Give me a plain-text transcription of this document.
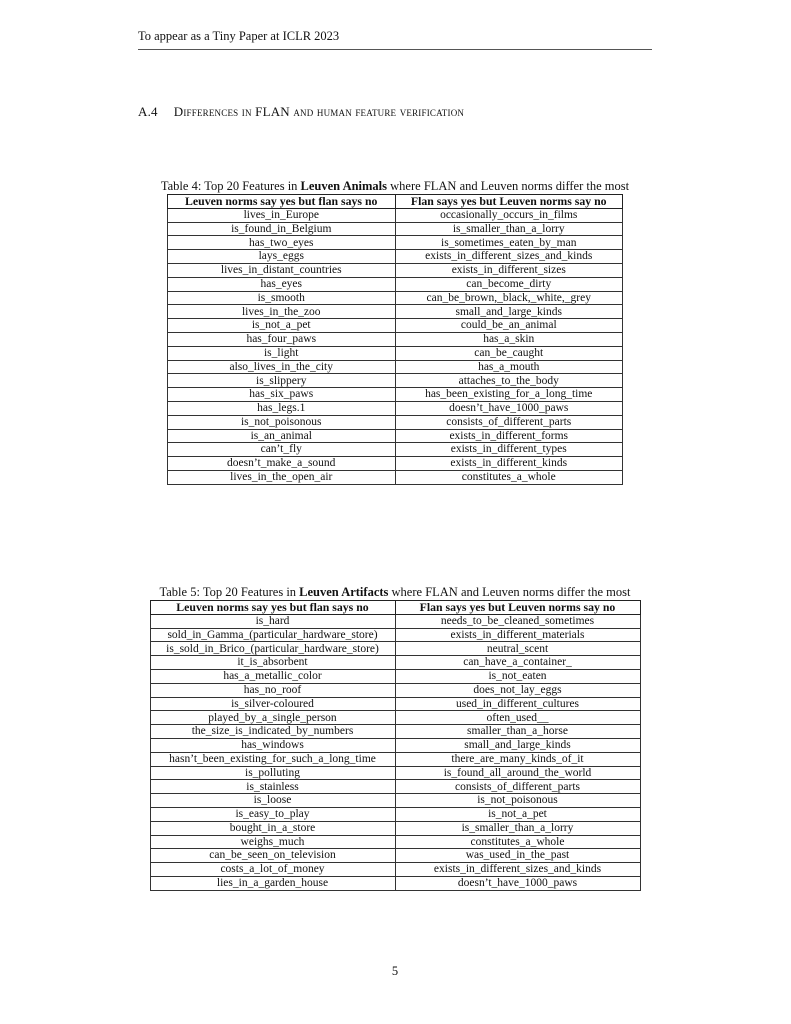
To appear as a Tiny Paper at ICLR 2023
A.4 Differences in FLAN and human feature verification
Table 4: Top 20 Features in Leuven Animals where FLAN and Leuven norms differ the most
Leuven norms say yes but flan says no	Flan says yes but Leuven norms say no
lives_in_Europe	occasionally_occurs_in_films
is_found_in_Belgium	is_smaller_than_a_lorry
has_two_eyes	is_sometimes_eaten_by_man
lays_eggs	exists_in_different_sizes_and_kinds
lives_in_distant_countries	exists_in_different_sizes
has_eyes	can_become_dirty
is_smooth	can_be_brown,_black,_white,_grey
lives_in_the_zoo	small_and_large_kinds
is_not_a_pet	could_be_an_animal
has_four_paws	has_a_skin
is_light	can_be_caught
also_lives_in_the_city	has_a_mouth
is_slippery	attaches_to_the_body
has_six_paws	has_been_existing_for_a_long_time
has_legs.1	doesn’t_have_1000_paws
is_not_poisonous	consists_of_different_parts
is_an_animal	exists_in_different_forms
can’t_fly	exists_in_different_types
doesn’t_make_a_sound	exists_in_different_kinds
lives_in_the_open_air	constitutes_a_whole
Table 5: Top 20 Features in Leuven Artifacts where FLAN and Leuven norms differ the most
Leuven norms say yes but flan says no	Flan says yes but Leuven norms say no
is_hard	needs_to_be_cleaned_sometimes
sold_in_Gamma_(particular_hardware_store)	exists_in_different_materials
is_sold_in_Brico_(particular_hardware_store)	neutral_scent
it_is_absorbent	can_have_a_container_
has_a_metallic_color	is_not_eaten
has_no_roof	does_not_lay_eggs
is_silver-coloured	used_in_different_cultures
played_by_a_single_person	often_used__
the_size_is_indicated_by_numbers	smaller_than_a_horse
has_windows	small_and_large_kinds
hasn’t_been_existing_for_such_a_long_time	there_are_many_kinds_of_it
is_polluting	is_found_all_around_the_world
is_stainless	consists_of_different_parts
is_loose	is_not_poisonous
is_easy_to_play	is_not_a_pet
bought_in_a_store	is_smaller_than_a_lorry
weighs_much	constitutes_a_whole
can_be_seen_on_television	was_used_in_the_past
costs_a_lot_of_money	exists_in_different_sizes_and_kinds
lies_in_a_garden_house	doesn’t_have_1000_paws
5
